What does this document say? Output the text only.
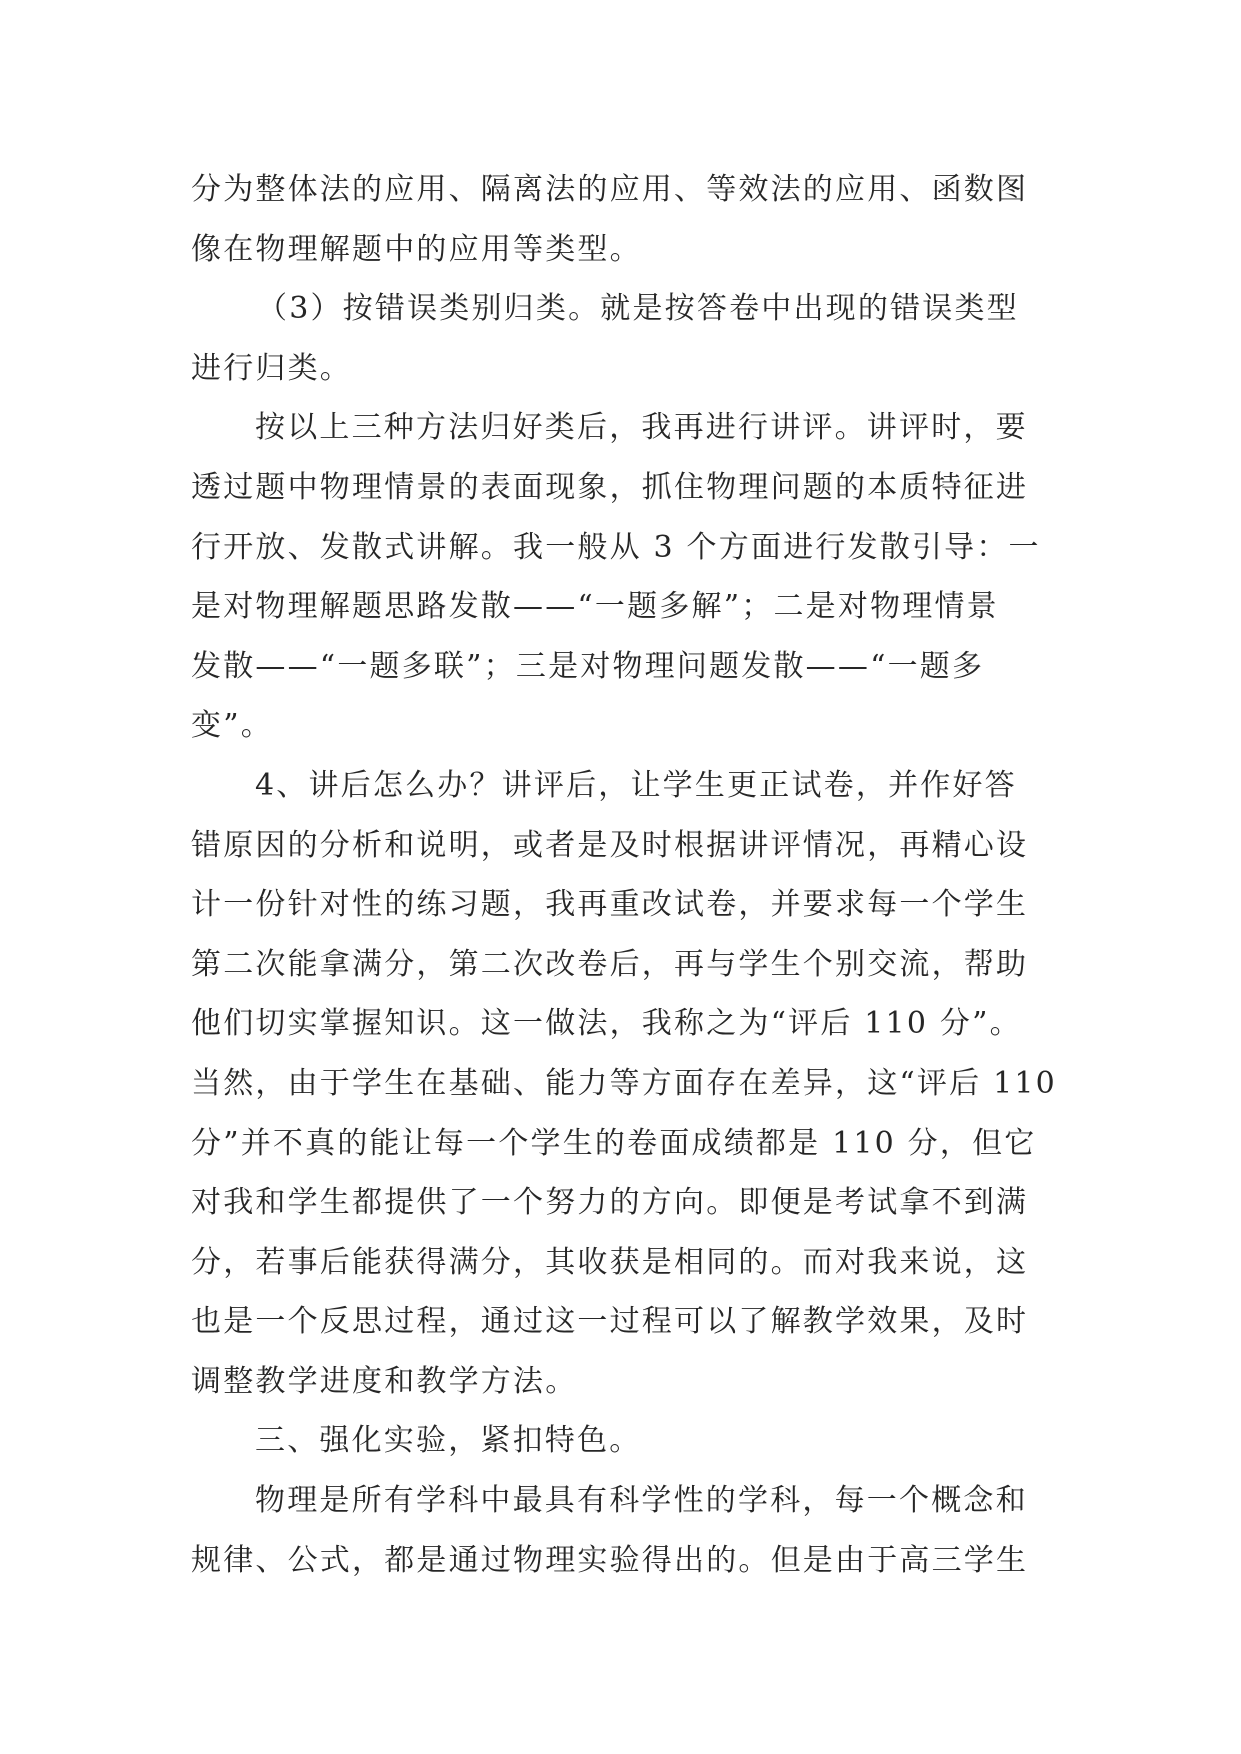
分为整体法的应用、隔离法的应用、等效法的应用、函数图
像在物理解题中的应用等类型。
（3）按错误类别归类。就是按答卷中出现的错误类型
进行归类。
按以上三种方法归好类后，我再进行讲评。讲评时，要
透过题中物理情景的表面现象，抓住物理问题的本质特征进
行开放、发散式讲解。我一般从 3 个方面进行发散引导：一
是对物理解题思路发散——“一题多解”；二是对物理情景
发散——“一题多联”；三是对物理问题发散——“一题多
变”。
4、讲后怎么办？讲评后，让学生更正试卷，并作好答
错原因的分析和说明，或者是及时根据讲评情况，再精心设
计一份针对性的练习题，我再重改试卷，并要求每一个学生
第二次能拿满分，第二次改卷后，再与学生个别交流，帮助
他们切实掌握知识。这一做法，我称之为“评后 110 分”。
当然，由于学生在基础、能力等方面存在差异，这“评后 110
分”并不真的能让每一个学生的卷面成绩都是 110 分，但它
对我和学生都提供了一个努力的方向。即便是考试拿不到满
分，若事后能获得满分，其收获是相同的。而对我来说，这
也是一个反思过程，通过这一过程可以了解教学效果，及时
调整教学进度和教学方法。
三、强化实验，紧扣特色。
物理是所有学科中最具有科学性的学科，每一个概念和
规律、公式，都是通过物理实验得出的。但是由于高三学生
